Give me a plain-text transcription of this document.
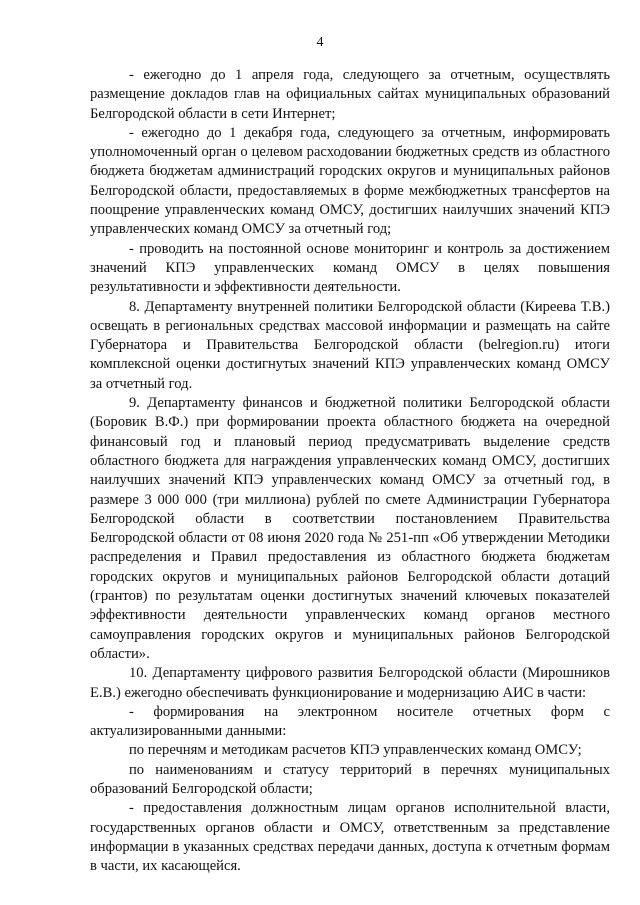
4

- ежегодно до 1 апреля года, следующего за отчетным, осуществлять размещение докладов глав на официальных сайтах муниципальных образований Белгородской области в сети Интернет;

- ежегодно до 1 декабря года, следующего за отчетным, информировать уполномоченный орган о целевом расходовании бюджетных средств из областного бюджета бюджетам администраций городских округов и муниципальных районов Белгородской области, предоставляемых в форме межбюджетных трансфертов на поощрение управленческих команд ОМСУ, достигших наилучших значений КПЭ управленческих команд ОМСУ за отчетный год;

- проводить на постоянной основе мониторинг и контроль за достижением значений КПЭ управленческих команд ОМСУ в целях повышения результативности и эффективности деятельности.

8. Департаменту внутренней политики Белгородской области (Киреева Т.В.) освещать в региональных средствах массовой информации и размещать на сайте Губернатора и Правительства Белгородской области (belregion.ru) итоги комплексной оценки достигнутых значений КПЭ управленческих команд ОМСУ за отчетный год.

9. Департаменту финансов и бюджетной политики Белгородской области (Боровик В.Ф.) при формировании проекта областного бюджета на очередной финансовый год и плановый период предусматривать выделение средств областного бюджета для награждения управленческих команд ОМСУ, достигших наилучших значений КПЭ управленческих команд ОМСУ за отчетный год, в размере 3 000 000 (три миллиона) рублей по смете Администрации Губернатора Белгородской области в соответствии постановлением Правительства Белгородской области от 08 июня 2020 года № 251-пп «Об утверждении Методики распределения и Правил предоставления из областного бюджета бюджетам городских округов и муниципальных районов Белгородской области дотаций (грантов) по результатам оценки достигнутых значений ключевых показателей эффективности деятельности управленческих команд органов местного самоуправления городских округов и муниципальных районов Белгородской области».

10. Департаменту цифрового развития Белгородской области (Мирошников Е.В.) ежегодно обеспечивать функционирование и модернизацию АИС в части:

- формирования на электронном носителе отчетных форм с актуализированными данными:

по перечням и методикам расчетов КПЭ управленческих команд ОМСУ;

по наименованиям и статусу территорий в перечнях муниципальных образований Белгородской области;

- предоставления должностным лицам органов исполнительной власти, государственных органов области и ОМСУ, ответственным за представление информации в указанных средствах передачи данных, доступа к отчетным формам в части, их касающейся.
